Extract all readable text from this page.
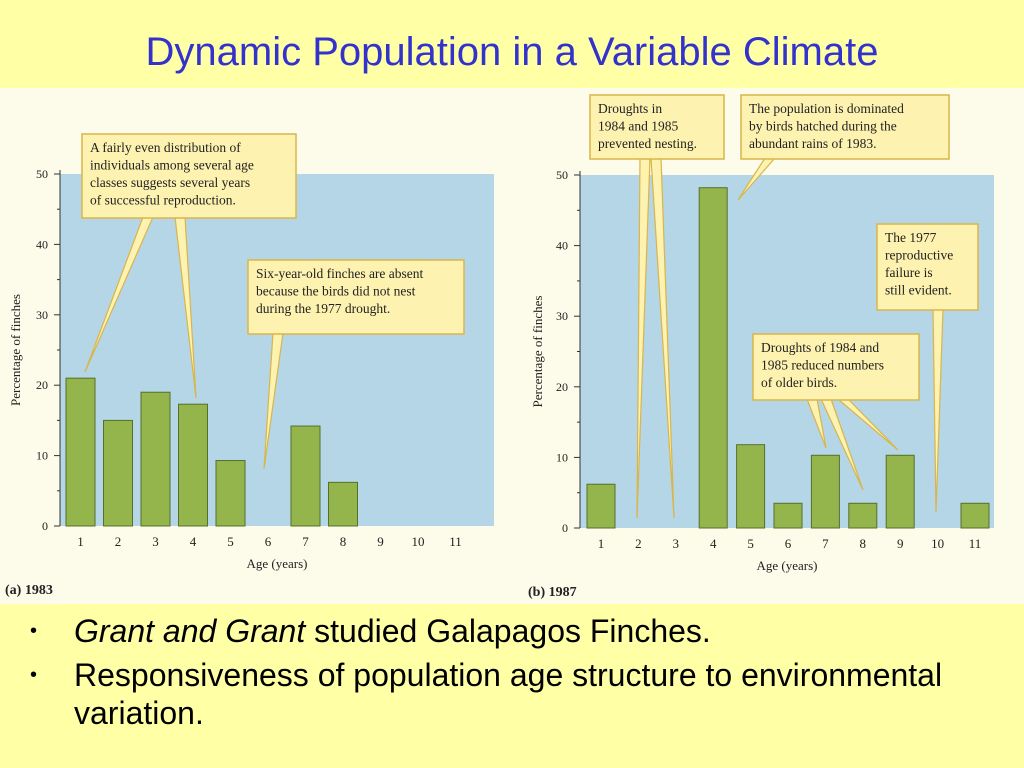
Dynamic Population in a Variable Climate
0
10
20
30
40
50
1 2 3 4 5 6 7 8 9 10 11
Age (years)
Percentage of finches
(a) 1983
A fairly even distribution of
individuals among several age
classes suggests several years
of successful reproduction.
Six-year-old finches are absent
because the birds did not nest
during the 1977 drought.
0
10
20
30
40
50
1 2 3 4 5 6 7 8 9 10 11
Age (years)
Percentage of finches
(b) 1987
Droughts in
1984 and 1985
prevented nesting.
The population is dominated
by birds hatched during the
abundant rains of 1983.
The 1977
reproductive
failure is
still evident.
Droughts of 1984 and
1985 reduced numbers
of older birds.
• Grant and Grant studied Galapagos Finches.
• Responsiveness of population age structure to environmental variation.
